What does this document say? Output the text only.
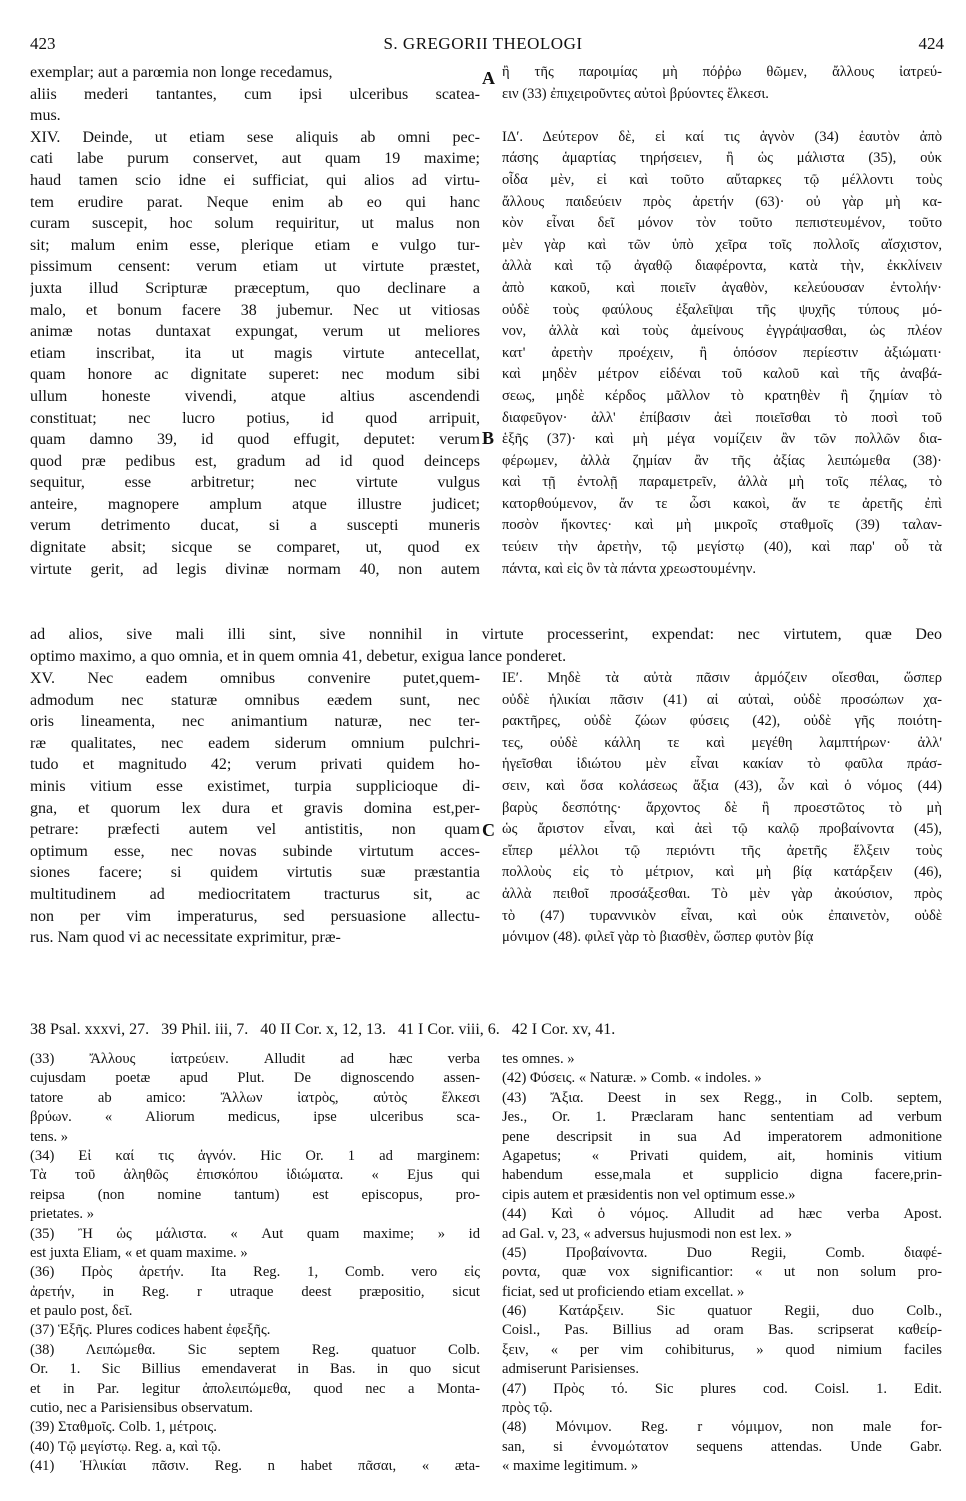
423	S. GREGORII THEOLOGI	424
exemplar; aut a parœmia non longe recedamus,
aliis mederi tantantes, cum ipsi ulceribus scatea-
mus.
XIV. Deinde, ut etiam sese aliquis ab omni pec-
cati labe purum conservet, aut quam 19 maxime;
haud tamen scio idne ei sufficiat, qui alios ad virtu-
tem erudire parat. Neque enim ab eo qui hanc
curam suscepit, hoc solum requiritur, ut malus non
sit; malum enim esse, plerique etiam e vulgo tur-
pissimum censent: verum etiam ut virtute præstet,
juxta illud Scripturæ præceptum, quo declinare a
malo, et bonum facere 38 jubemur. Nec ut vitiosas
animæ notas duntaxat expungat, verum ut meliores
etiam inscribat, ita ut magis virtute antecellat,
quam honore ac dignitate superet: nec modum sibi
ullum honeste vivendi, atque altius ascendendi
constituat; nec lucro potius, id quod arripuit,
quam damno 39, id quod effugit, deputet: verum
quod præ pedibus est, gradum ad id quod deinceps
sequitur, esse arbitretur; nec virtute vulgus
anteire, magnopere amplum atque illustre judicet;
verum detrimento ducat, si a suscepti muneris
dignitate absit; sicque se comparet, ut, quod ex
virtute gerit, ad legis divinæ normam 40, non autem
ἢ τῆς παροιμίας μὴ πόῤῥω θῶμεν, ἄλλους ἰατρεύ-
ειν (33) ἐπιχειροῦντες αὐτοὶ βρύοντες ἕλκεσι.
ΙΔʹ. Δεύτερον δὲ, εἰ καί τις ἁγνὸν (34) ἑαυτὸν ἀπὸ
πάσης ἁμαρτίας τηρήσειεν, ἢ ὡς μάλιστα (35), οὐκ
οἶδα μὲν, εἰ καὶ τοῦτο αὔταρκες τῷ μέλλοντι τοὺς
ἄλλους παιδεύειν πρὸς ἀρετήν (63)· οὐ γὰρ μὴ κα-
κὸν εἶναι δεῖ μόνον τὸν τοῦτο πεπιστευμένον, τοῦτο
μὲν γὰρ καὶ τῶν ὑπὸ χεῖρα τοῖς πολλοῖς αἴσχιστον,
ἀλλὰ καὶ τῷ ἀγαθῷ διαφέροντα, κατὰ τὴν, ἐκκλίνειν
ἀπὸ κακοῦ, καὶ ποιεῖν ἀγαθὸν, κελεύουσαν ἐντολήν·
οὐδὲ τοὺς φαύλους ἐξαλεῖψαι τῆς ψυχῆς τύπους μό-
νον, ἀλλὰ καὶ τοὺς ἀμείνους ἐγγράψασθαι, ὡς πλέον
κατ' ἀρετὴν προέχειν, ἢ ὁπόσον περίεστιν ἀξιώματι·
καὶ μηδὲν μέτρον εἰδέναι τοῦ καλοῦ καὶ τῆς ἀναβά-
σεως, μηδὲ κέρδος μᾶλλον τὸ κρατηθὲν ἢ ζημίαν τὸ
διαφεῦγον· ἀλλ' ἐπίβασιν ἀεὶ ποιεῖσθαι τὸ ποσὶ τοῦ
ἑξῆς (37)· καὶ μὴ μέγα νομίζειν ἂν τῶν πολλῶν δια-
φέρωμεν, ἀλλὰ ζημίαν ἂν τῆς ἀξίας λειπώμεθα (38)·
καὶ τῇ ἐντολῇ παραμετρεῖν, ἀλλὰ μὴ τοῖς πέλας, τὸ
κατορθούμενον, ἄν τε ὦσι κακοὶ, ἄν τε ἀρετῆς ἐπὶ
ποσὸν ἥκοντες· καὶ μὴ μικροῖς σταθμοῖς (39) ταλαν-
τεύειν τὴν ἀρετὴν, τῷ μεγίστῳ (40), καὶ παρ' οὗ τὰ
πάντα, καὶ εἰς ὃν τὰ πάντα χρεωστουμένην.
A
B
C
ad alios, sive mali illi sint, sive nonnihil in virtute processerint, expendat: nec virtutem, quæ Deo
optimo maximo, a quo omnia, et in quem omnia 41, debetur, exigua lance ponderet.
XV. Nec eadem omnibus convenire putet,quem-
admodum nec staturæ omnibus eædem sunt, nec
oris lineamenta, nec animantium naturæ, nec ter-
ræ qualitates, nec eadem siderum omnium pulchri-
tudo et magnitudo 42; verum privati quidem ho-
minis vitium esse existimet, turpia supplicioque di-
gna, et quorum lex dura et gravis domina est,per-
petrare: præfecti autem vel antistitis, non quam
optimum esse, nec novas subinde virtutum acces-
siones facere; si quidem virtutis suæ præstantia
multitudinem ad mediocritatem tracturus sit, ac
non per vim imperaturus, sed persuasione allectu-
rus. Nam quod vi ac necessitate exprimitur, præ-
ΙΕʹ. Μηδὲ τὰ αὐτὰ πᾶσιν ἁρμόζειν οἴεσθαι, ὥσπερ
οὐδὲ ἡλικίαι πᾶσιν (41) αἱ αὐταὶ, οὐδὲ προσώπων χα-
ρακτῆρες, οὐδὲ ζώων φύσεις (42), οὐδὲ γῆς ποιότη-
τες, οὐδὲ κάλλη τε καὶ μεγέθη λαμπτήρων· ἀλλ'
ἡγεῖσθαι ἰδιώτου μὲν εἶναι κακίαν τὸ φαῦλα πράσ-
σειν, καὶ ὅσα κολάσεως ἄξια (43), ὧν καὶ ὁ νόμος (44)
βαρὺς δεσπότης· ἄρχοντος δὲ ἢ προεστῶτος τὸ μὴ
ὡς ἄριστον εἶναι, καὶ ἀεὶ τῷ καλῷ προβαίνοντα (45),
εἴπερ μέλλοι τῷ περιόντι τῆς ἀρετῆς ἕλξειν τοὺς
πολλοὺς εἰς τὸ μέτριον, καὶ μὴ βίᾳ κατάρξειν (46),
ἀλλὰ πειθοῖ προσάξεσθαι. Τὸ μὲν γὰρ ἀκούσιον, πρὸς
τὸ (47) τυραννικὸν εἶναι, καὶ οὐκ ἐπαινετὸν, οὐδὲ
μόνιμον (48). φιλεῖ γὰρ τὸ βιασθὲν, ὥσπερ φυτὸν βίᾳ
38 Psal. xxxvi, 27.   39 Phil. iii, 7.   40 II Cor. x, 12, 13.   41 I Cor. viii, 6.   42 I Cor. xv, 41.
(33) Ἄλλους ἰατρεύειν. Alludit ad hæc verba
cujusdam poetæ apud Plut. De dignoscendo assen-
tatore ab amico: Ἄλλων ἰατρὸς, αὐτὸς ἕλκεσι
βρύων. « Aliorum medicus, ipse ulceribus sca-
tens. »
(34) Εἰ καί τις ἁγνόν. Hic Or. 1 ad marginem:
Τὰ τοῦ ἀληθῶς ἐπισκόπου ἰδιώματα. « Ejus qui
reipsa (non nomine tantum) est episcopus, pro-
prietates. »
(35) Ἢ ὡς μάλιστα. « Aut quam maxime; » id
est juxta Eliam, « et quam maxime. »
(36) Πρὸς ἀρετήν. Ita Reg. 1, Comb. vero εἰς
ἀρετήν, in Reg. r utraque deest præpositio, sicut
et paulo post, δεῖ.
(37) Ἑξῆς. Plures codices habent ἐφεξῆς.
(38) Λειπώμεθα. Sic septem Reg. quatuor Colb.
Or. 1. Sic Billius emendaverat in Bas. in quo sicut
et in Par. legitur ἀπολειπώμεθα, quod nec a Monta-
cutio, nec a Parisiensibus observatum.
(39) Σταθμοῖς. Colb. 1, μέτροις.
(40) Τῷ μεγίστῳ. Reg. a, καὶ τῷ.
(41) Ἡλικίαι πᾶσιν. Reg. n habet πᾶσαι, « æta-
tes omnes. »
(42) Φύσεις. « Naturæ. » Comb. « indoles. »
(43) Ἄξια. Deest in sex Regg., in Colb. septem,
Jes., Or. 1. Præclaram hanc sententiam ad verbum
pene descripsit in sua Ad imperatorem admonitione
Agapetus; « Privati quidem, ait, hominis vitium
habendum esse,mala et supplicio digna facere,prin-
cipis autem et præsidentis non vel optimum esse.»
(44) Καὶ ὁ νόμος. Alludit ad hæc verba Apost.
ad Gal. v, 23, « adversus hujusmodi non est lex. »
(45) Προβαίνοντα. Duo Regii, Comb. διαφέ-
ροντα, quæ vox significantior: « ut non solum pro-
ficiat, sed ut proficiendo etiam excellat. »
(46) Κατάρξειν. Sic quatuor Regii, duo Colb.,
Coisl., Pas. Billius ad oram Bas. scripserat καθείρ-
ξειν, « per vim cohibiturus, » quod nimium faciles
admiserunt Parisienses.
(47) Πρὸς τό. Sic plures cod. Coisl. 1. Edit.
πρὸς τῷ.
(48) Μόνιμον. Reg. r νόμιμον, non male for-
san, si ἐννομώτατον sequens attendas. Unde Gabr.
« maxime legitimum. »
